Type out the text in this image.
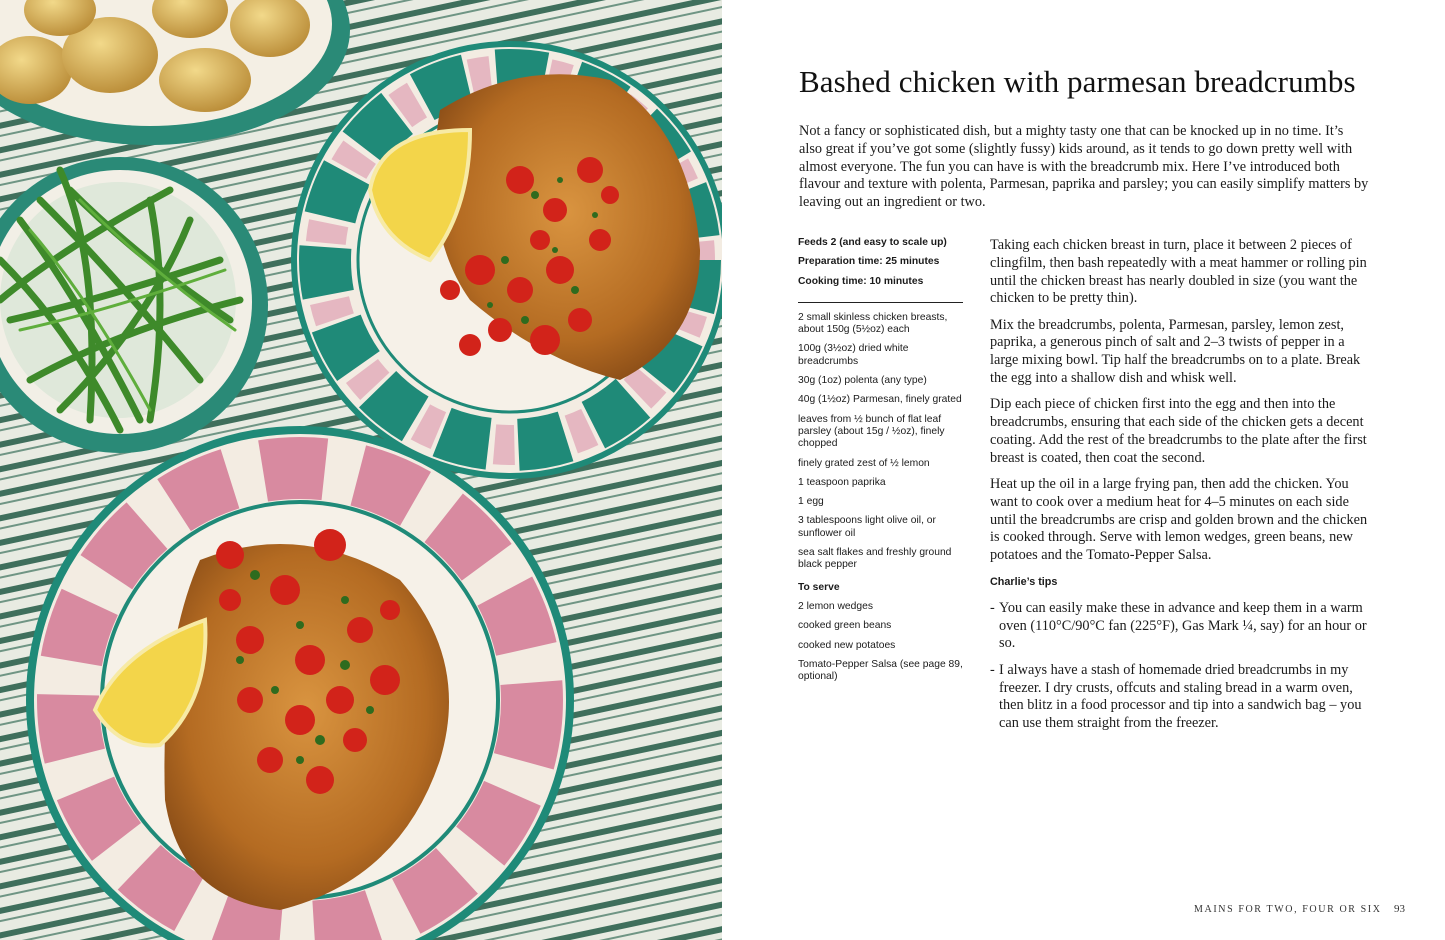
Bashed chicken with parmesan breadcrumbs

Not a fancy or sophisticated dish, but a mighty tasty one that can be knocked up in no time. It’s also great if you’ve got some (slightly fussy) kids around, as it tends to go down pretty well with almost everyone. The fun you can have is with the breadcrumb mix. Here I’ve introduced both flavour and texture with polenta, Parmesan, paprika and parsley; you can easily simplify matters by leaving out an ingredient or two.

Feeds 2 (and easy to scale up)

Preparation time: 25 minutes

Cooking time: 10 minutes

2 small skinless chicken breasts, about 150g (5½oz) each

100g (3½oz) dried white breadcrumbs

30g (1oz) polenta (any type)

40g (1½oz) Parmesan, finely grated

leaves from ½ bunch of flat leaf parsley (about 15g / ½oz), finely chopped

finely grated zest of ½ lemon

1 teaspoon paprika

1 egg

3 tablespoons light olive oil, or sunflower oil

sea salt flakes and freshly ground black pepper

To serve

2 lemon wedges

cooked green beans

cooked new potatoes

Tomato-Pepper Salsa (see page 89, optional)

Taking each chicken breast in turn, place it between 2 pieces of clingfilm, then bash repeatedly with a meat hammer or rolling pin until the chicken breast has nearly doubled in size (you want the chicken to be pretty thin).

Mix the breadcrumbs, polenta, Parmesan, parsley, lemon zest, paprika, a generous pinch of salt and 2–3 twists of pepper in a large mixing bowl. Tip half the breadcrumbs on to a plate. Break the egg into a shallow dish and whisk well.

Dip each piece of chicken first into the egg and then into the breadcrumbs, ensuring that each side of the chicken gets a decent coating. Add the rest of the breadcrumbs to the plate after the first breast is coated, then coat the second.

Heat up the oil in a large frying pan, then add the chicken. You want to cook over a medium heat for 4–5 minutes on each side until the breadcrumbs are crisp and golden brown and the chicken is cooked through. Serve with lemon wedges, green beans, new potatoes and the Tomato-Pepper Salsa.

Charlie’s tips

- You can easily make these in advance and keep them in a warm oven (110°C/90°C fan (225°F), Gas Mark ¼, say) for an hour or so.

- I always have a stash of homemade dried breadcrumbs in my freezer. I dry crusts, offcuts and staling bread in a warm oven, then blitz in a food processor and tip into a sandwich bag – you can use them straight from the freezer.

MAINS FOR TWO, FOUR OR SIX 93
